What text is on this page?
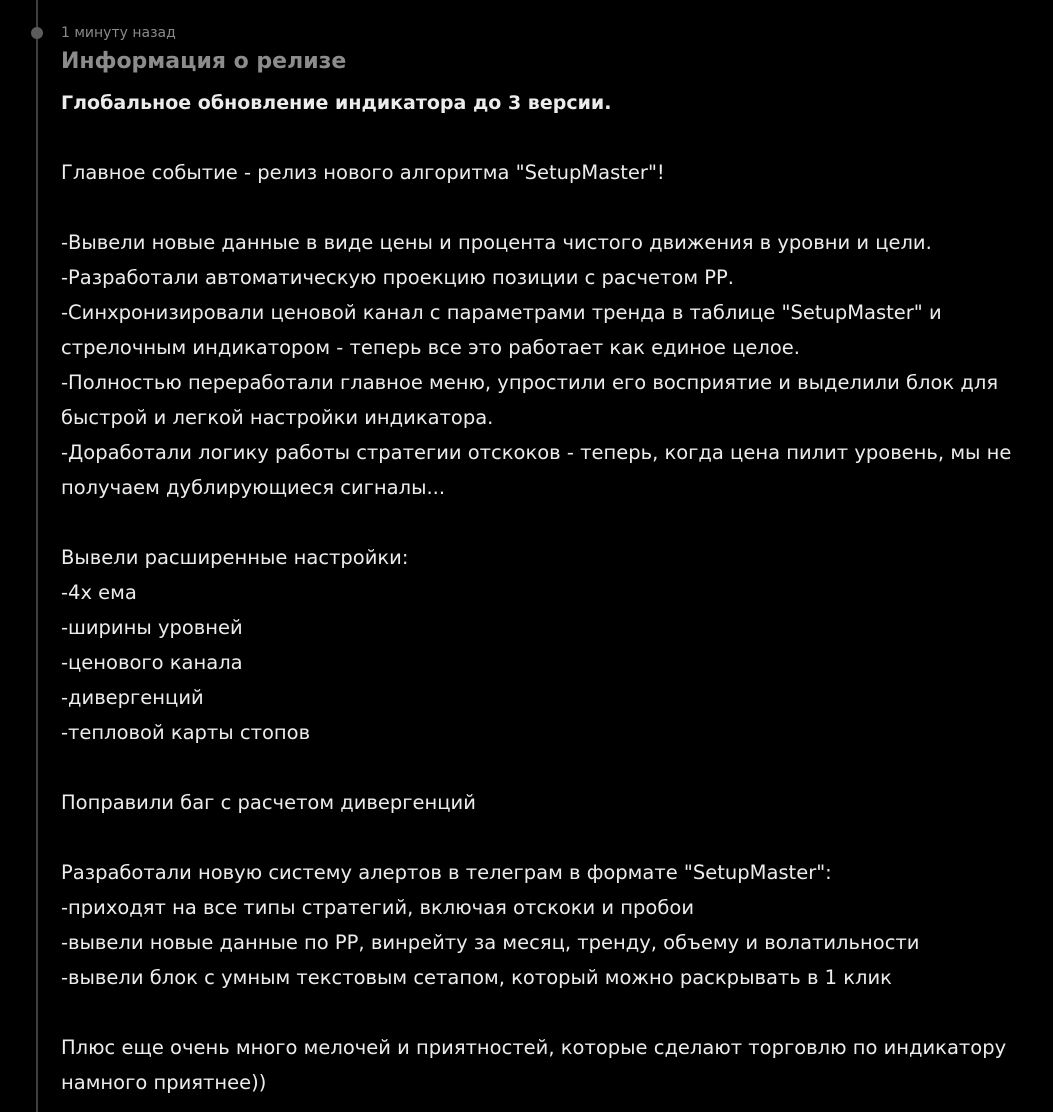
1 минуту назад
Информация о релизе
Глобальное обновление индикатора до 3 версии.
Главное событие - релиз нового алгоритма "SetupMaster"!
-Вывели новые данные в виде цены и процента чистого движения в уровни и цели.
-Разработали автоматическую проекцию позиции с расчетом РР.
-Синхронизировали ценовой канал с параметрами тренда в таблице "SetupMaster" и
стрелочным индикатором - теперь все это работает как единое целое.
-Полностью переработали главное меню, упростили его восприятие и выделили блок для
быстрой и легкой настройки индикатора.
-Доработали логику работы стратегии отскоков - теперь, когда цена пилит уровень, мы не
получаем дублирующиеся сигналы...
Вывели расширенные настройки:
-4х ема
-ширины уровней
-ценового канала
-дивергенций
-тепловой карты стопов
Поправили баг с расчетом дивергенций
Разработали новую систему алертов в телеграм в формате "SetupMaster":
-приходят на все типы стратегий, включая отскоки и пробои
-вывели новые данные по РР, винрейту за месяц, тренду, объему и волатильности
-вывели блок с умным текстовым сетапом, который можно раскрывать в 1 клик
Плюс еще очень много мелочей и приятностей, которые сделают торговлю по индикатору
намного приятнее))
